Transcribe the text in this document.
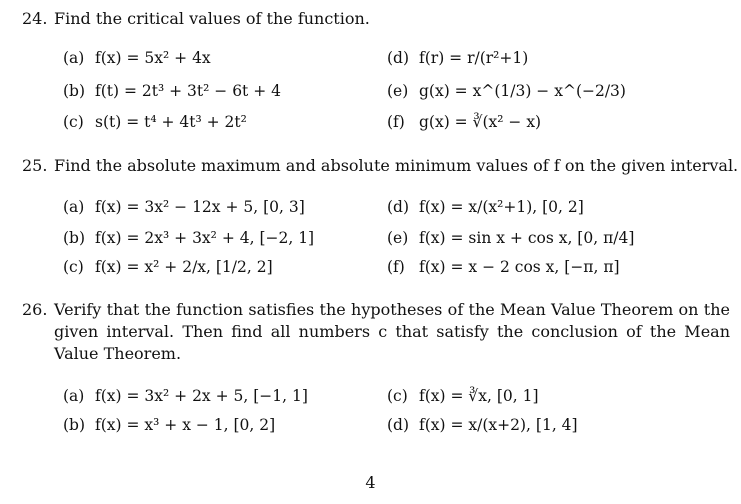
24. Find the critical values of the function.
(a) f(x) = 5x² + 4x
(b) f(t) = 2t³ + 3t² − 6t + 4
(c) s(t) = t⁴ + 4t³ + 2t²
(d) f(r) = r/(r²+1)
(e) g(x) = x^(1/3) − x^(−2/3)
(f) g(x) = ∛(x² − x)
25. Find the absolute maximum and absolute minimum values of f on the given interval.
(a) f(x) = 3x² − 12x + 5, [0, 3]
(b) f(x) = 2x³ + 3x² + 4, [−2, 1]
(c) f(x) = x² + 2/x, [1/2, 2]
(d) f(x) = x/(x²+1), [0, 2]
(e) f(x) = sin x + cos x, [0, π/4]
(f) f(x) = x − 2 cos x, [−π, π]
26. Verify that the function satisfies the hypotheses of the Mean Value Theorem on the given interval. Then find all numbers c that satisfy the conclusion of the Mean Value Theorem.
(a) f(x) = 3x² + 2x + 5, [−1, 1]
(b) f(x) = x³ + x − 1, [0, 2]
(c) f(x) = ∛x, [0, 1]
(d) f(x) = x/(x+2), [1, 4]
4
